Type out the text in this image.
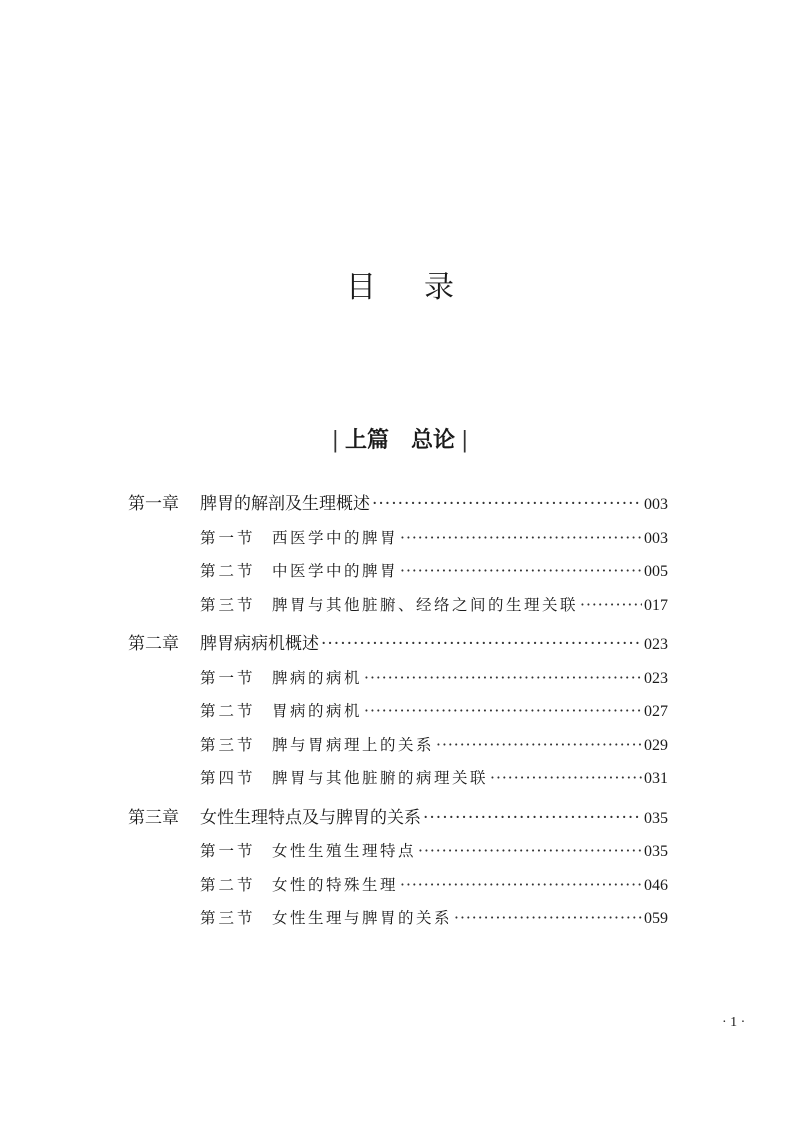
目录
| 上篇 总论 |
第一章	脾胃的解剖及生理概述 ·····	003
第一节	西医学中的脾胃 ·····	003
第二节	中医学中的脾胃 ·····	005
第三节	脾胃与其他脏腑、经络之间的生理关联 ·····	017
第二章	脾胃病病机概述 ·····	023
第一节	脾病的病机 ·····	023
第二节	胃病的病机 ·····	027
第三节	脾与胃病理上的关系 ·····	029
第四节	脾胃与其他脏腑的病理关联 ·····	031
第三章	女性生理特点及与脾胃的关系 ·····	035
第一节	女性生殖生理特点 ·····	035
第二节	女性的特殊生理 ·····	046
第三节	女性生理与脾胃的关系 ·····	059
· 1 ·
